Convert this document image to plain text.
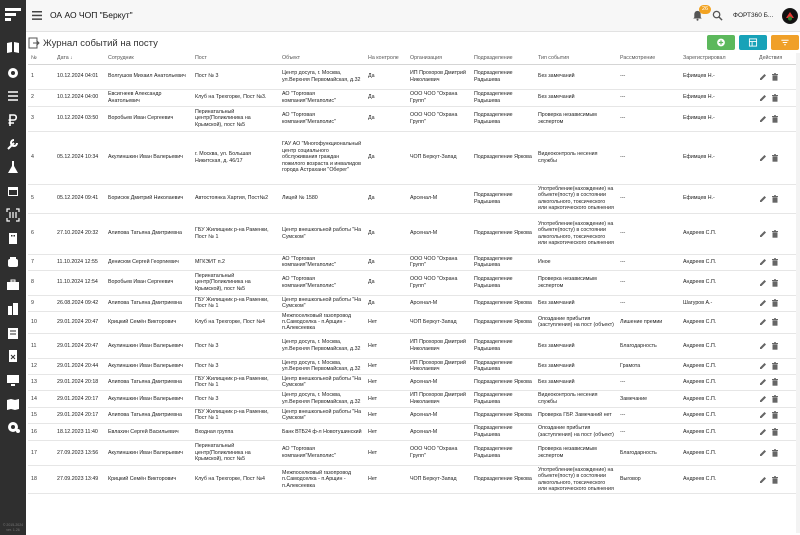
© 2015-2024
ver. 1.26
ОА АО ЧОП "Беркут"
26
ФОРТ360 Б...
Журнал событий на посту
№	Дата ↓	Сотрудник	Пост	Объект	На контроле	Организация	Подразделение	Тип события	Рассмотрение	Зарегистрировал	Действия
1	10.12.2024 04:01	Волгушов Михаил Анатольевич	Пост № 3	Центр досуга, г. Москва, ул.Верхняя Первомайская, д.32	Да	ИП Прохоров Дмитрий Николаевич	Подразделение Радышева	Без замечаний	---	Ефимцев Н.-	
2	10.12.2024 04:00	Евсигнеев Александр Анатольевич	Клуб на Трехгорке, Пост №3.	АО "Торговая компания"Мегаполис"	Да	ООО ЧОО "Охрана Групп"	Подразделение Радышева	Без замечаний	---	Ефимцев Н.-	
3	10.12.2024 03:50	Воробьев Иван Сергеевич	Перинатальный центр(Поликлиника на Крымской), пост №5	АО "Торговая компания"Мегаполис"	Да	ООО ЧОО "Охрана Групп"	Подразделение Радышева	Проверка независимым экспертом	---	Ефимцев Н.-	
4	05.12.2024 10:34	Акулиншкин Иван Валерьевич	г. Москва, ул. Большая Никитская, д. 46/17	ГАУ АО "Многофункциональный центр социального обслуживания граждан пожилого возраста и инвалидов города Астрахани "Оберег"	Да	ЧОП Беркут-Запад	Подразделение Яркова	Видеоконтроль несения службы	---	Ефимцев Н.-	
5	05.12.2024 09:41	Борисюк Дмитрий Николаевич	Автостоянка Хартия, Пост№2	Лицей № 1580	Да	Арсенал-М	Подразделение Радышева	Употребление(нахождение) на объекте(посту) в состоянии алкогольного, токсического или наркотического опьянения	---	Ефимцев Н.-	
6	27.10.2024 20:32	Алипова Татьяна Дмитриевна	ГБУ Жилищник р-на Раменки, Пост № 1	Центр внешкольной работы "На Сумском"	Да	Арсенал-М	Подразделение Яркова	Употребление(нахождение) на объекте(посту) в состоянии алкогольного, токсического или наркотического опьянения	---	Андреев С.П.	
7	11.10.2024 12:55	Денисюм Сергей Георгиевич	МГКЭИТ п.2	АО "Торговая компания"Мегаполис"	Да	ООО ЧОО "Охрана Групп"	Подразделение Радышева	Иное	---	Андреев С.П.	
8	11.10.2024 12:54	Воробьев Иван Сергеевич	Перинатальный центр(Поликлиника на Крымской), пост №5	АО "Торговая компания"Мегаполис"	Да	ООО ЧОО "Охрана Групп"	Подразделение Радышева	Проверка независимым экспертом	---	Андреев С.П.	
9	26.08.2024 09:42	Алипова Татьяна Дмитриевна	ГБУ Жилищник р-на Раменки, Пост № 1	Центр внешкольной работы "На Сумском"	Да	Арсенал-М	Подразделение Яркова	Без замечаний	---	Шагуров А.-	
10	29.01.2024 20:47	Крицкий Семён Викторович	Клуб на Трехгорке, Пост №4	Межпоселковый газопровод п.Самодселка - п.Арщин - п.Алексеевка	Нет	ЧОП Беркут-Запад	Подразделение Яркова	Опоздание прибытия (заступления) на пост (объект)	Лишение премии	Андреев С.П.	
11	29.01.2024 20:47	Акулиншкин Иван Валерьевич	Пост № 3	Центр досуга, г. Москва, ул.Верхняя Первомайская, д.32	Нет	ИП Прохоров Дмитрий Николаевич	Подразделение Радышева	Без замечаний	Благодарность	Андреев С.П.	
12	29.01.2024 20:44	Акулиншкин Иван Валерьевич	Пост № 3	Центр досуга, г. Москва, ул.Верхняя Первомайская, д.32	Нет	ИП Прохоров Дмитрий Николаевич	Подразделение Радышева	Без замечаний	Грамота	Андреев С.П.	
13	29.01.2024 20:18	Алипова Татьяна Дмитриевна	ГБУ Жилищник р-на Раменки, Пост № 1	Центр внешкольной работы "На Сумском"	Нет	Арсенал-М	Подразделение Яркова	Без замечаний	---	Андреев С.П.	
14	29.01.2024 20:17	Акулиншкин Иван Валерьевич	Пост № 3	Центр досуга, г. Москва, ул.Верхняя Первомайская, д.32	Нет	ИП Прохоров Дмитрий Николаевич	Подразделение Радышева	Видеоконтроль несения службы	Замечание	Андреев С.П.	
15	29.01.2024 20:17	Алипова Татьяна Дмитриевна	ГБУ Жилищник р-на Раменки, Пост № 1	Центр внешкольной работы "На Сумском"	Нет	Арсенал-М	Подразделение Яркова	Проверка ГБР. Замечаний нет	---	Андреев С.П.	
16	18.12.2023 11:40	Евлахин Сергей Васильевич	Входная группа	Банк ВТБ24 ф-л Новотушинский	Нет	Арсенал-М	Подразделение Радышева	Опоздание прибытия (заступления) на пост (объект)	---	Андреев С.П.	
17	27.09.2023 13:56	Акулиншкин Иван Валерьевич	Перинатальный центр(Поликлиника на Крымской), пост №5	АО "Торговая компания"Мегаполис"	Нет	ООО ЧОО "Охрана Групп"	Подразделение Радышева	Проверка независимым экспертом	Благодарность	Андреев С.П.	
18	27.09.2023 13:49	Крицкий Семён Викторович	Клуб на Трехгорке, Пост №4	Межпоселковый газопровод п.Самодселка - п.Арщин - п.Алексеевка	Нет	ЧОП Беркут-Запад	Подразделение Яркова	Употребление(нахождение) на объекте(посту) в состоянии алкогольного, токсического или наркотического опьянения	Выговор	Андреев С.П.	
